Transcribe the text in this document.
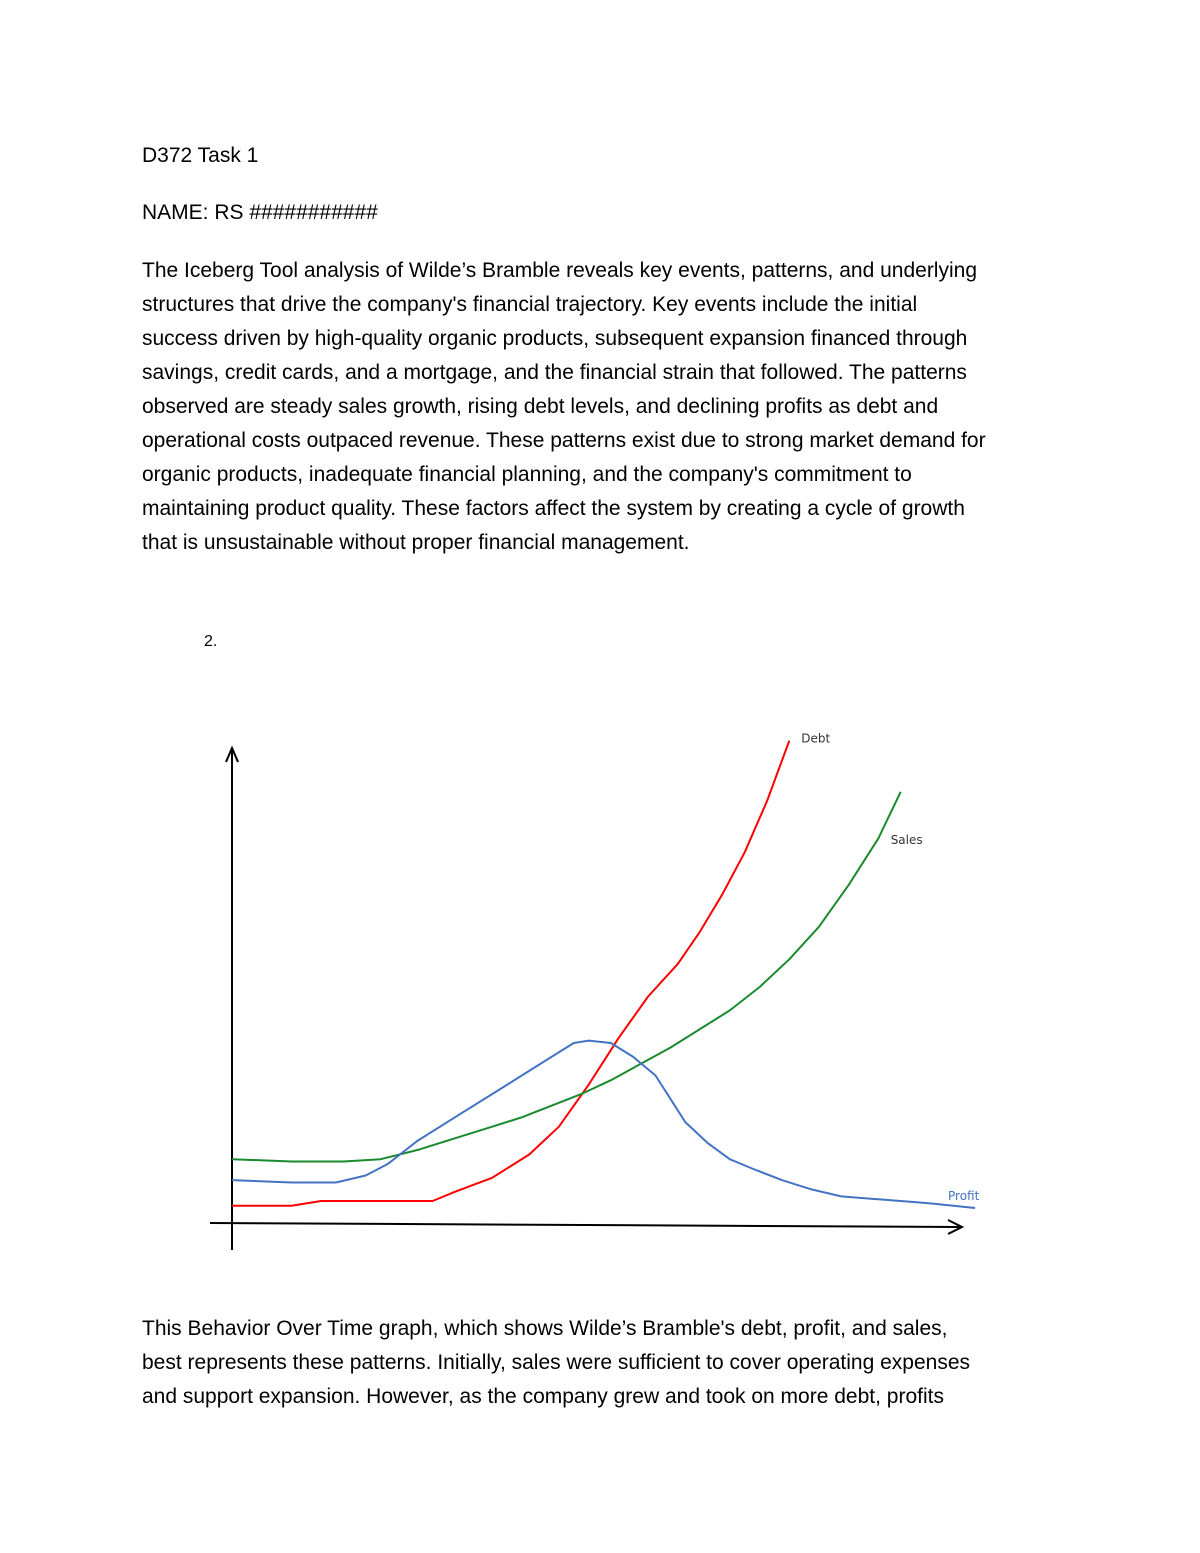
D372 Task 1
NAME: RS ###########

The Iceberg Tool analysis of Wilde’s Bramble reveals key events, patterns, and underlying
structures that drive the company's financial trajectory. Key events include the initial
success driven by high-quality organic products, subsequent expansion financed through
savings, credit cards, and a mortgage, and the financial strain that followed. The patterns
observed are steady sales growth, rising debt levels, and declining profits as debt and
operational costs outpaced revenue. These patterns exist due to strong market demand for
organic products, inadequate financial planning, and the company's commitment to
maintaining product quality. These factors affect the system by creating a cycle of growth
that is unsustainable without proper financial management.

2.
Debt
Sales
Profit

This Behavior Over Time graph, which shows Wilde’s Bramble's debt, profit, and sales,
best represents these patterns. Initially, sales were sufficient to cover operating expenses
and support expansion. However, as the company grew and took on more debt, profits
